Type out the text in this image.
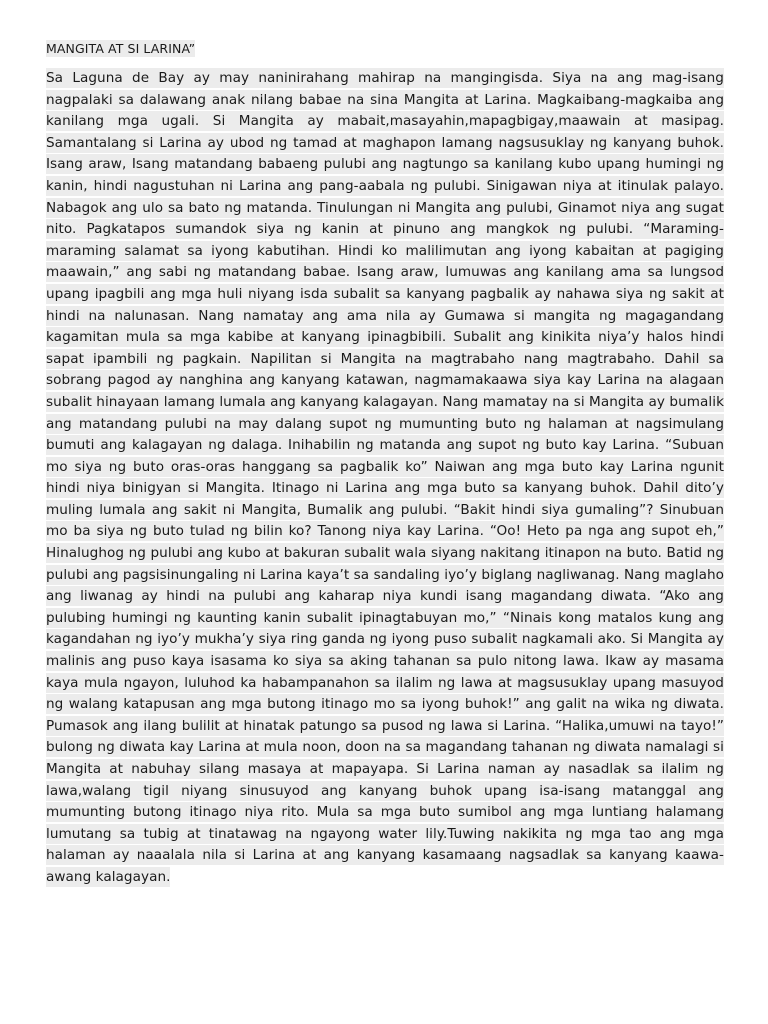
MANGITA AT SI LARINA”

Sa Laguna de Bay ay may naninirahang mahirap na mangingisda. Siya na ang mag-isang nagpalaki sa dalawang anak nilang babae na sina Mangita at Larina. Magkaibang-magkaiba ang kanilang mga ugali. Si Mangita ay mabait,masayahin,mapagbigay,maawain at masipag. Samantalang si Larina ay ubod ng tamad at maghapon lamang nagsusuklay ng kanyang buhok. Isang araw, Isang matandang babaeng pulubi ang nagtungo sa kanilang kubo upang humingi ng kanin, hindi nagustuhan ni Larina ang pang-aabala ng pulubi. Sinigawan niya at itinulak palayo. Nabagok ang ulo sa bato ng matanda. Tinulungan ni Mangita ang pulubi, Ginamot niya ang sugat nito. Pagkatapos sumandok siya ng kanin at pinuno ang mangkok ng pulubi. “Maraming-maraming salamat sa iyong kabutihan. Hindi ko malilimutan ang iyong kabaitan at pagiging maawain,” ang sabi ng matandang babae. Isang araw, lumuwas ang kanilang ama sa lungsod upang ipagbili ang mga huli niyang isda subalit sa kanyang pagbalik ay nahawa siya ng sakit at hindi na nalunasan. Nang namatay ang ama nila ay Gumawa si mangita ng magagandang kagamitan mula sa mga kabibe at kanyang ipinagbibili. Subalit ang kinikita niya’y halos hindi sapat ipambili ng pagkain. Napilitan si Mangita na magtrabaho nang magtrabaho. Dahil sa sobrang pagod ay nanghina ang kanyang katawan, nagmamakaawa siya kay Larina na alagaan subalit hinayaan lamang lumala ang kanyang kalagayan. Nang mamatay na si Mangita ay bumalik ang matandang pulubi na may dalang supot ng mumunting buto ng halaman at nagsimulang bumuti ang kalagayan ng dalaga. Inihabilin ng matanda ang supot ng buto kay Larina. “Subuan mo siya ng buto oras-oras hanggang sa pagbalik ko” Naiwan ang mga buto kay Larina ngunit hindi niya binigyan si Mangita. Itinago ni Larina ang mga buto sa kanyang buhok. Dahil dito’y muling lumala ang sakit ni Mangita, Bumalik ang pulubi. “Bakit hindi siya gumaling”? Sinubuan mo ba siya ng buto tulad ng bilin ko? Tanong niya kay Larina. “Oo! Heto pa nga ang supot eh,” Hinalughog ng pulubi ang kubo at bakuran subalit wala siyang nakitang itinapon na buto. Batid ng pulubi ang pagsisinungaling ni Larina kaya’t sa sandaling iyo’y biglang nagliwanag. Nang maglaho ang liwanag ay hindi na pulubi ang kaharap niya kundi isang magandang diwata. “Ako ang pulubing humingi ng kaunting kanin subalit ipinagtabuyan mo,” “Ninais kong matalos kung ang kagandahan ng iyo’y mukha’y siya ring ganda ng iyong puso subalit nagkamali ako. Si Mangita ay malinis ang puso kaya isasama ko siya sa aking tahanan sa pulo nitong lawa. Ikaw ay masama kaya mula ngayon, luluhod ka habampanahon sa ilalim ng lawa at magsusuklay upang masuyod ng walang katapusan ang mga butong itinago mo sa iyong buhok!” ang galit na wika ng diwata. Pumasok ang ilang bulilit at hinatak patungo sa pusod ng lawa si Larina. “Halika,umuwi na tayo!” bulong ng diwata kay Larina at mula noon, doon na sa magandang tahanan ng diwata namalagi si Mangita at nabuhay silang masaya at mapayapa. Si Larina naman ay nasadlak sa ilalim ng lawa,walang tigil niyang sinusuyod ang kanyang buhok upang isa-isang matanggal ang mumunting butong itinago niya rito. Mula sa mga buto sumibol ang mga luntiang halamang lumutang sa tubig at tinatawag na ngayong water lily.Tuwing nakikita ng mga tao ang mga halaman ay naaalala nila si Larina at ang kanyang kasamaang nagsadlak sa kanyang kaawa-awang kalagayan.
